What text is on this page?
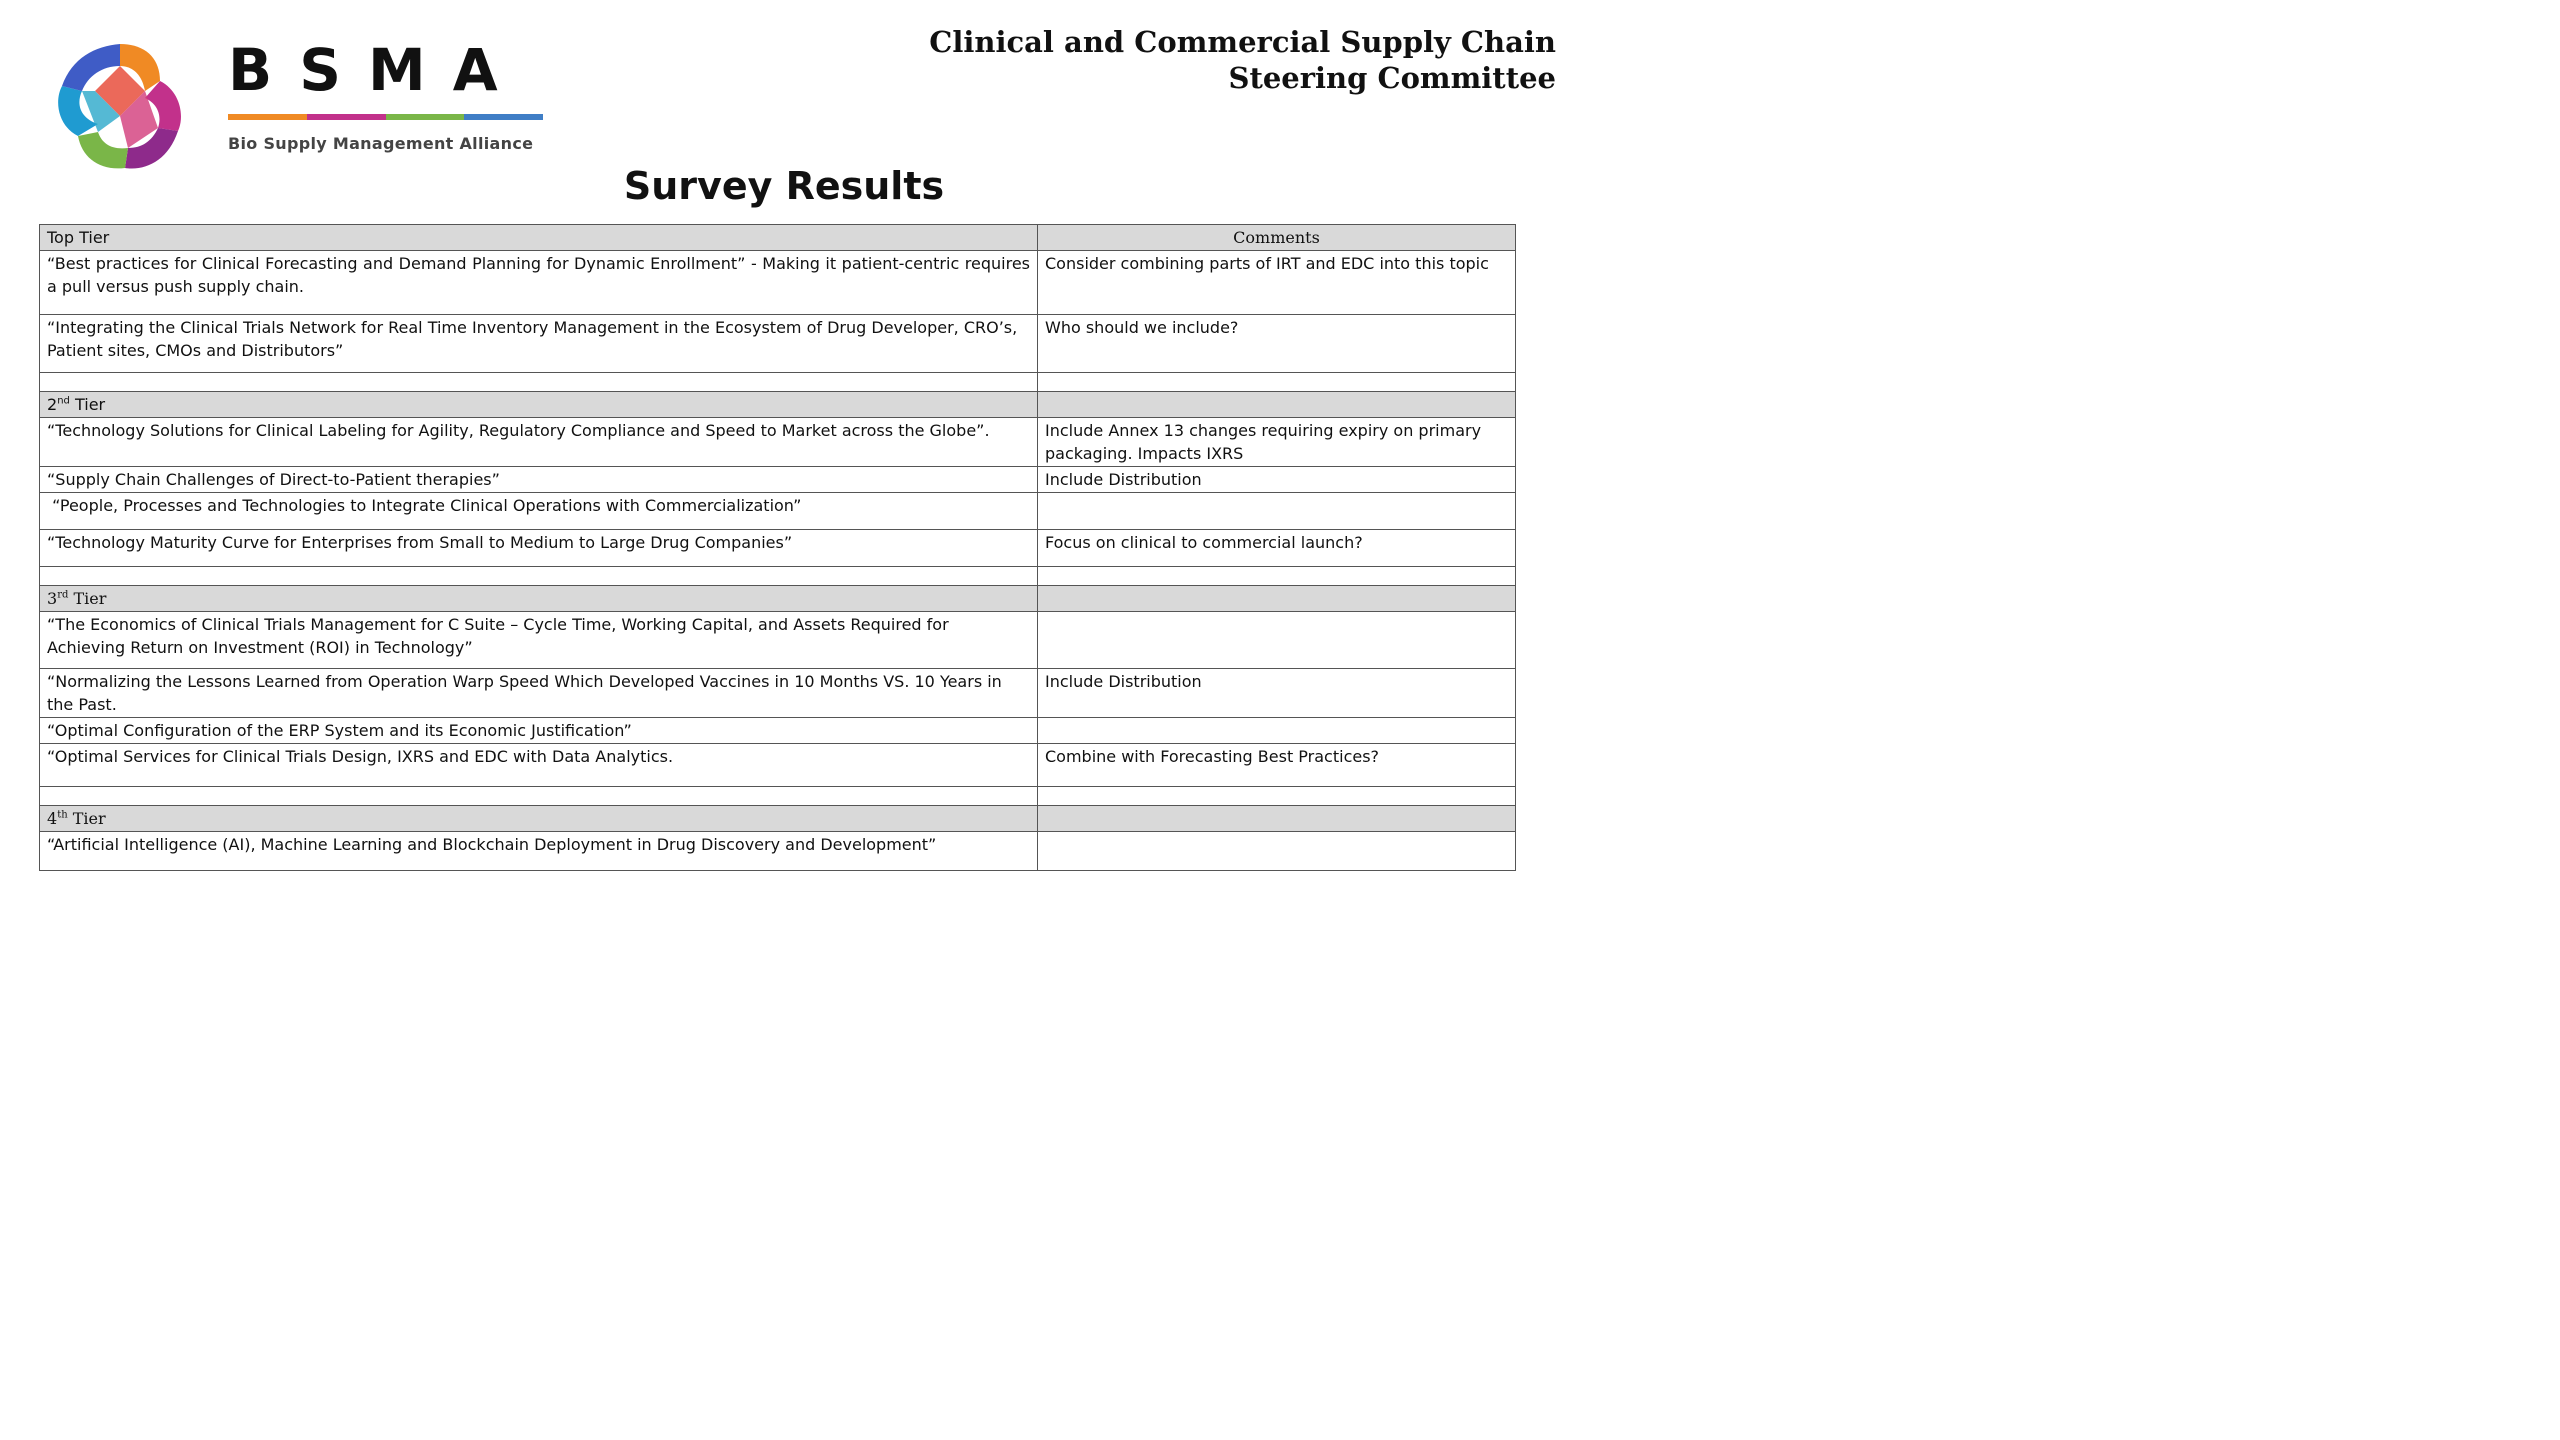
BSMA
Bio Supply Management Alliance
Clinical and Commercial Supply Chain
Steering Committee
Survey Results
Top Tier	Comments
“Best practices for Clinical Forecasting and Demand Planning for Dynamic Enrollment” - Making it patient-centric requires a pull versus push supply chain.	Consider combining parts of IRT and EDC into this topic
“Integrating the Clinical Trials Network for Real Time Inventory Management in the Ecosystem of Drug Developer, CRO’s, Patient sites, CMOs and Distributors”	Who should we include?

2nd Tier	
“Technology Solutions for Clinical Labeling for Agility, Regulatory Compliance and Speed to Market across the Globe”.	Include Annex 13 changes requiring expiry on primary packaging. Impacts IXRS
“Supply Chain Challenges of Direct-to-Patient therapies”	Include Distribution
“People, Processes and Technologies to Integrate Clinical Operations with Commercialization”	
“Technology Maturity Curve for Enterprises from Small to Medium to Large Drug Companies”	Focus on clinical to commercial launch?

3rd Tier	
“The Economics of Clinical Trials Management for C Suite – Cycle Time, Working Capital, and Assets Required for Achieving Return on Investment (ROI) in Technology”	
“Normalizing the Lessons Learned from Operation Warp Speed Which Developed Vaccines in 10 Months VS. 10 Years in the Past.	Include Distribution
“Optimal Configuration of the ERP System and its Economic Justification”	
“Optimal Services for Clinical Trials Design, IXRS and EDC with Data Analytics.	Combine with Forecasting Best Practices?

4th Tier	
“Artificial Intelligence (AI), Machine Learning and Blockchain Deployment in Drug Discovery and Development”	
